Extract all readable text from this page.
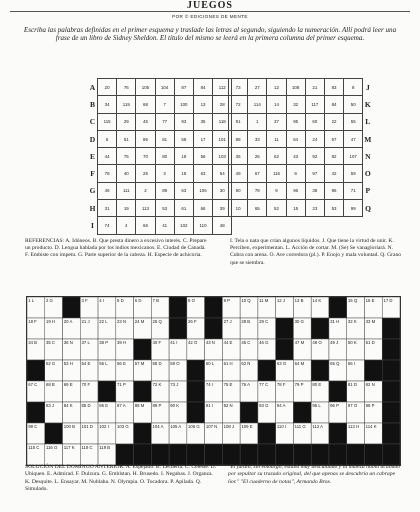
JUEGOS
POR © EDICIONES DE MENTE
Escriba las palabras definidas en el primer esquema y traslade las letras al segundo, siguiendo la numeración. Allí podrá leer una frase de un libro de Sidney Sheldon. El título del mismo se leerá en la primera columna del primer esquema.
A	20	76	105	104	87	84	112
B	34	119	68	7	100	13	28
C	115	29	45	77	93	35	118
D	5	51	86	81	58	17	101
E	44	75	70	80	18	56	103
F	78	40	26	3	18	63	54
G	46	111	2	89	63	106	30
H	31	19	113	53	61	66	39
I	74	4	66	41	102	110	48
73	27	12	108	21	83	8	J
72	114	14	32	117	84	50	K
91	1	37	95	60	22	55	L
88	33	11	64	24	57	47	M
36	25	62	43	92	82	107	N
49	67	116	9	97	42	59	O
90	79	9	96	38	96	71	P
10	65	52	15	23	53	99	Q
REFERENCIAS: A. Idóneos. B. Que presta dinero a excesivo interés. C. Prepare un producto. D. Lengua hablada por los indios mexicanos. E. Ciudad de Canadá. F. Embiste con ímpetu. G. Parte superior de la cabeza. H. Especie de achicoria.
I. Tela o nata que crían algunos líquidos. J. Que tiene la virtud de unir. K. Perciben, experimentan. L. Acción de cortar. M. (Se) Se vanagloriará. N. Cubra con arena. O. Ave corredora (pl.). P. Enojo y mala voluntad. Q. Grano que se siembra.
1 L	2 G	3 F	4 I	5 D	6 D	7 B	8 O	9 P	10 Q 11 M 12 J 13 B 14 K	15 Q 16 E 17 D
18 F 19 H 20 A 21 J 22 L 23 N 24 M 25 Q	26 F	27 J 28 B 29 C	30 G	31 H 32 K 33 M
34 B 35 C 36 N 37 L 38 P 39 H	40 F 41 I 42 O 43 N 44 E 45 C 46 G	47 M 48 O 49 J 50 K 51 D
52 G 53 H 54 E 55 L 56 E 57 M 58 D 59 O	60 L 61 H 62 N	63 G 64 M	65 Q 66 I
67 C 68 B 69 E 70 F	71 P	72 K 73 J	74 I 75 E 76 A 77 C 78 F 79 P 80 E	81 D 82 N
83 J 84 K 85 D 86 E 87 A 88 M 89 P 90 K	91 I 92 N	93 G 94 A	95 L 96 P 97 O 98 P
99 C	100 B 101 D 102 I 103 G	104 A 105 A 106 G 107 N 108 J 109 E	110 I 111 G 112 A	113 H 114 K
115 C 116 O 117 K 118 C 119 B
SOLUCIÓN DEL DOMINGO ANTERIOR: A. Espejado. B. Lechería. C. Celeste. D. Ubiquen. E. Admirad. F. Dulzura. G. Emblstan. H. Brusedo. I. Negabas. J. Organza. K. Desquite. L. Ensayar. M. Nublaba. N. Olympia. O. Tocadora. P. Apilada. Q. Simulado.
"El jardín, sin embargo, estaba muy descuidado y la maleza había acabado por sepultar su trazado original, del que apenas se descubría un cabrape ñor." "El cuaderno de notas", Armando Brox.
